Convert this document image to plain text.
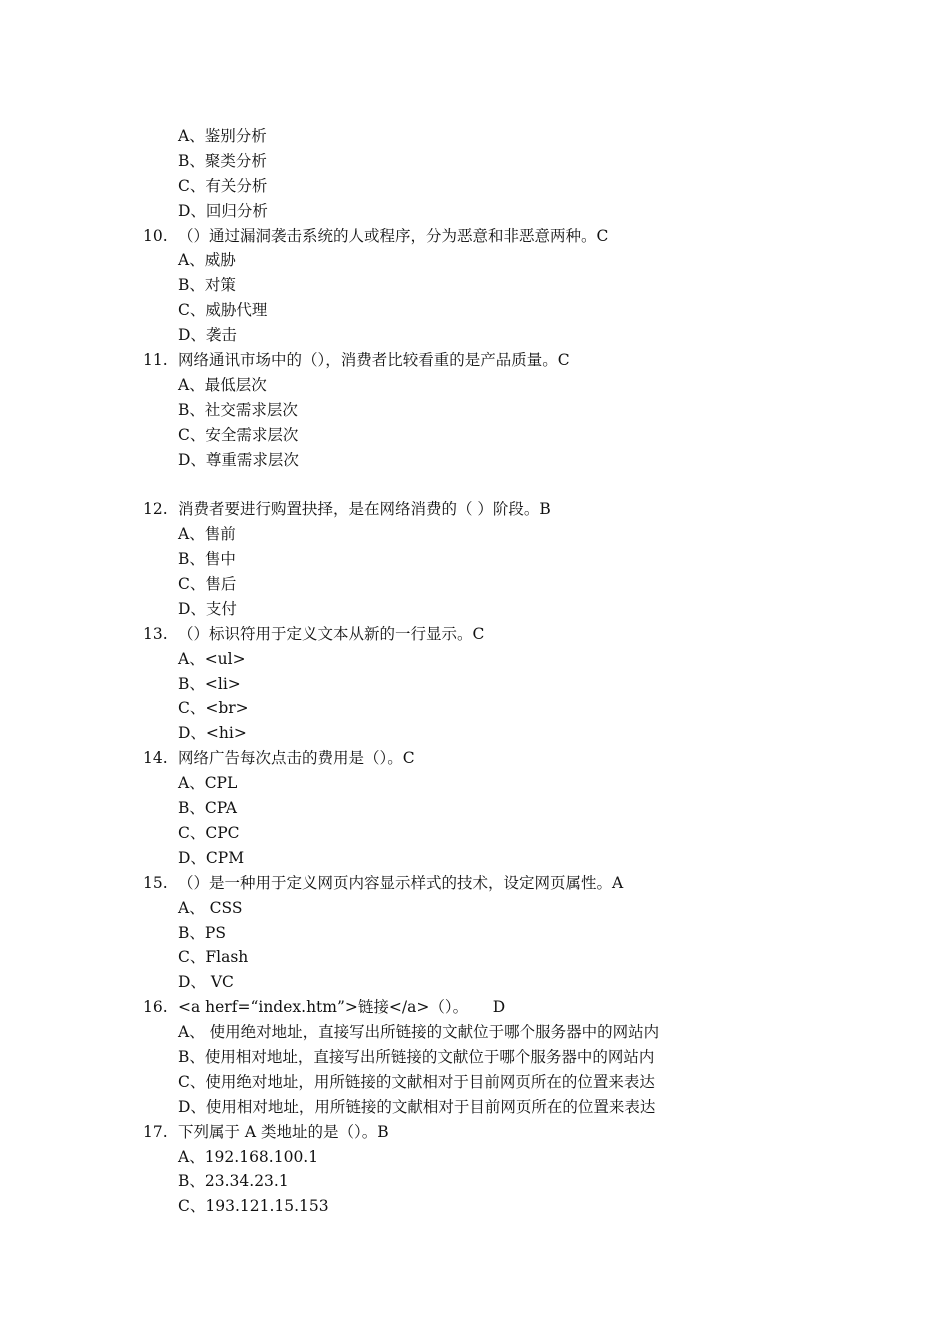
A、鉴别分析
B、聚类分析
C、有关分析
D、回归分析
10. （）通过漏洞袭击系统的人或程序，分为恶意和非恶意两种。C
A、威胁
B、对策
C、威胁代理
D、袭击
11. 网络通讯市场中的（），消费者比较看重的是产品质量。C
A、最低层次
B、社交需求层次
C、安全需求层次
D、尊重需求层次
12. 消费者要进行购置抉择，是在网络消费的（ ）阶段。B
A、售前
B、售中
C、售后
D、支付
13. （）标识符用于定义文本从新的一行显示。C
A、<ul>
B、<li>
C、<br>
D、<hi>
14. 网络广告每次点击的费用是（）。C
A、CPL
B、CPA
C、CPC
D、CPM
15. （）是一种用于定义网页内容显示样式的技术，设定网页属性。A
A、 CSS
B、PS
C、Flash
D、 VC
16. <a herf=“index.htm”>链接</a>（）。     D
A、 使用绝对地址，直接写出所链接的文献位于哪个服务器中的网站内
B、使用相对地址，直接写出所链接的文献位于哪个服务器中的网站内
C、使用绝对地址，用所链接的文献相对于目前网页所在的位置来表达
D、使用相对地址，用所链接的文献相对于目前网页所在的位置来表达
17. 下列属于 A 类地址的是（）。B
A、192.168.100.1
B、23.34.23.1
C、193.121.15.153
